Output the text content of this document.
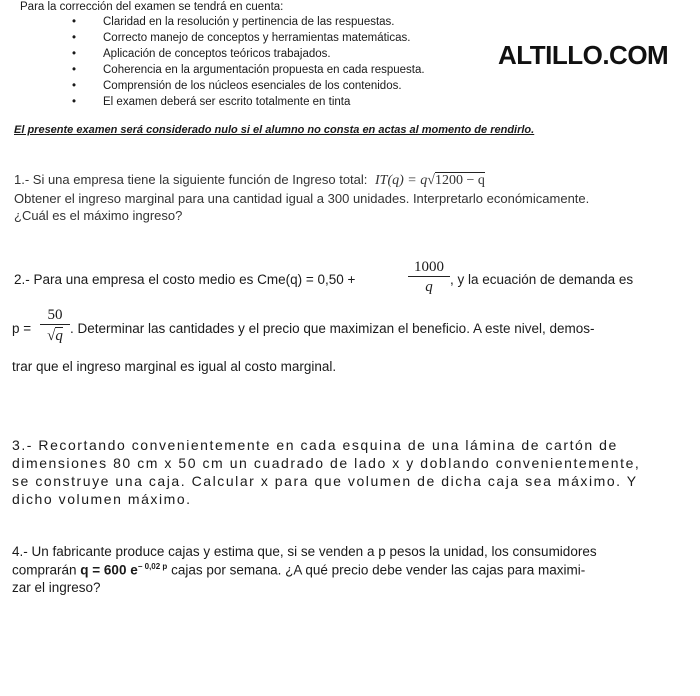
Para la corrección del examen se tendrá en cuenta:
• Claridad en la resolución y pertinencia de las respuestas.
• Correcto manejo de conceptos y herramientas matemáticas.
• Aplicación de conceptos teóricos trabajados.
• Coherencia en la argumentación propuesta en cada respuesta.
• Comprensión de los núcleos esenciales de los contenidos.
• El examen deberá ser escrito totalmente en tinta
ALTILLO.COM
El presente examen será considerado nulo si el alumno no consta en actas al momento de rendirlo.
1.- Si una empresa tiene la siguiente función de Ingreso total: IT(q) = q√1200 − q
Obtener el ingreso marginal para una cantidad igual a 300 unidades. Interpretarlo económicamente.
¿Cuál es el máximo ingreso?
2.- Para una empresa el costo medio es Cme(q) = 0,50 +	$\frac{1000}{q}$ , y la ecuación de demanda es
$p = \frac{50}{√q}$ . Determinar las cantidades y el precio que maximizan el beneficio. A este nivel, demos-
trar que el ingreso marginal es igual al costo marginal.
3.- Recortando convenientemente en cada esquina de una lámina de cartón de
dimensiones 80 cm x 50 cm un cuadrado de lado x y doblando convenientemente,
se construye una caja. Calcular x para que volumen de dicha caja sea máximo. Y
dicho volumen máximo.
4.- Un fabricante produce cajas y estima que, si se venden a p pesos la unidad, los consumidores
comprarán q = 600 $e^{- 0,02 p}$ cajas por semana. ¿A qué precio debe vender las cajas para maximi-
zar el ingreso?
